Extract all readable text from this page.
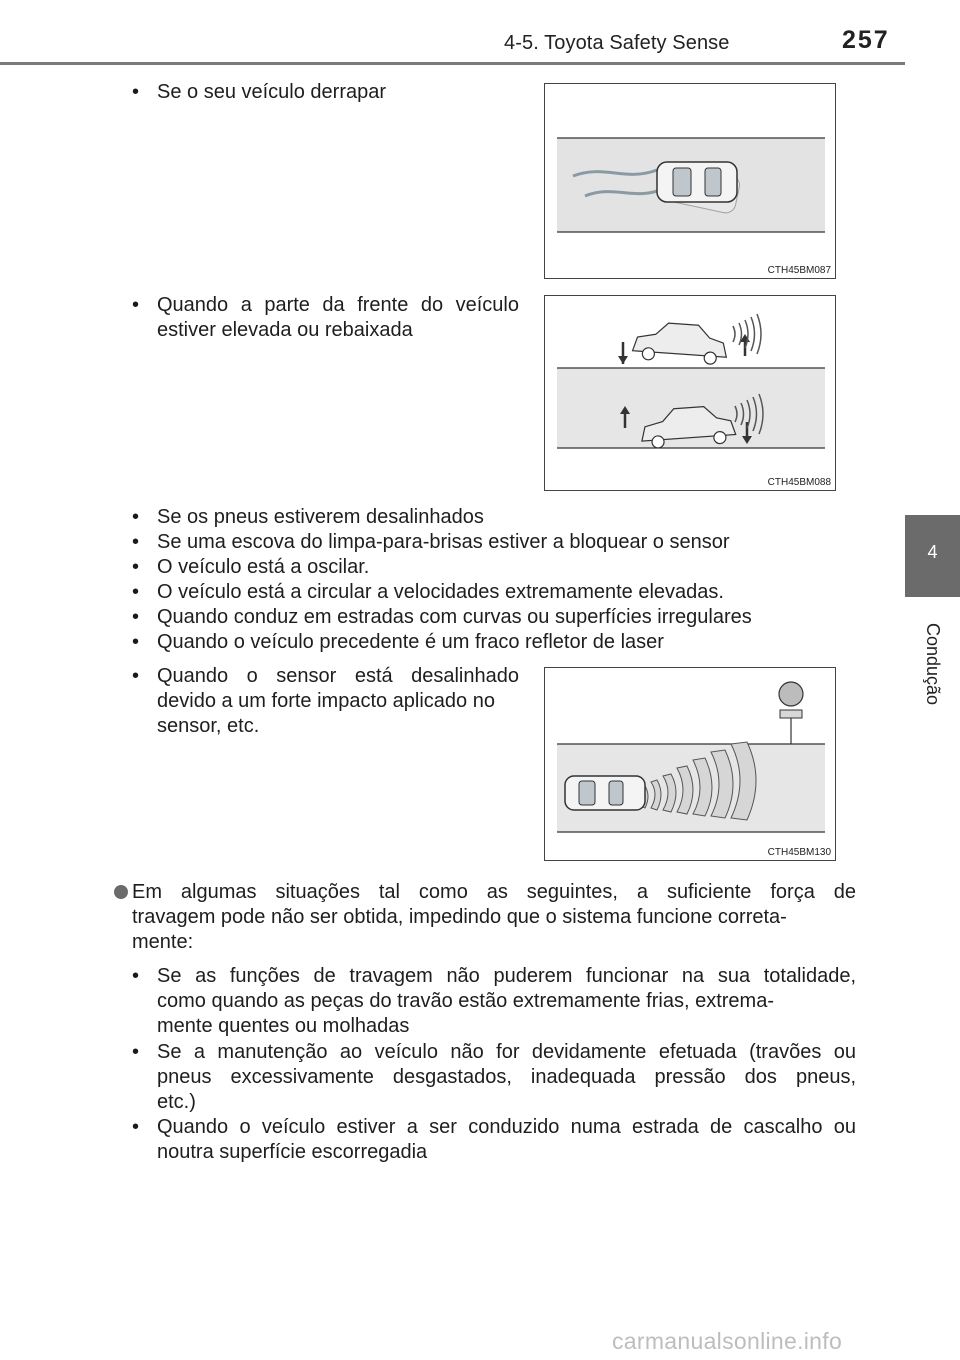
4-5. Toyota Safety Sense	257
4
Condução
• Se o seu veículo derrapar
CTH45BM087
• Quando a parte da frente do veículo
estiver elevada ou rebaixada
CTH45BM088
• Se os pneus estiverem desalinhados
• Se uma escova do limpa-para-brisas estiver a bloquear o sensor
• O veículo está a oscilar.
• O veículo está a circular a velocidades extremamente elevadas.
• Quando conduz em estradas com curvas ou superfícies irregulares
• Quando o veículo precedente é um fraco refletor de laser
• Quando o sensor está desalinhado
devido a um forte impacto aplicado no
sensor, etc.
CTH45BM130
Em algumas situações tal como as seguintes, a suficiente força de
travagem pode não ser obtida, impedindo que o sistema funcione correta-
mente:
• Se as funções de travagem não puderem funcionar na sua totalidade,
como quando as peças do travão estão extremamente frias, extrema-
mente quentes ou molhadas
• Se a manutenção ao veículo não for devidamente efetuada (travões ou
pneus excessivamente desgastados, inadequada pressão dos pneus,
etc.)
• Quando o veículo estiver a ser conduzido numa estrada de cascalho ou
noutra superfície escorregadia
carmanualsonline.info
